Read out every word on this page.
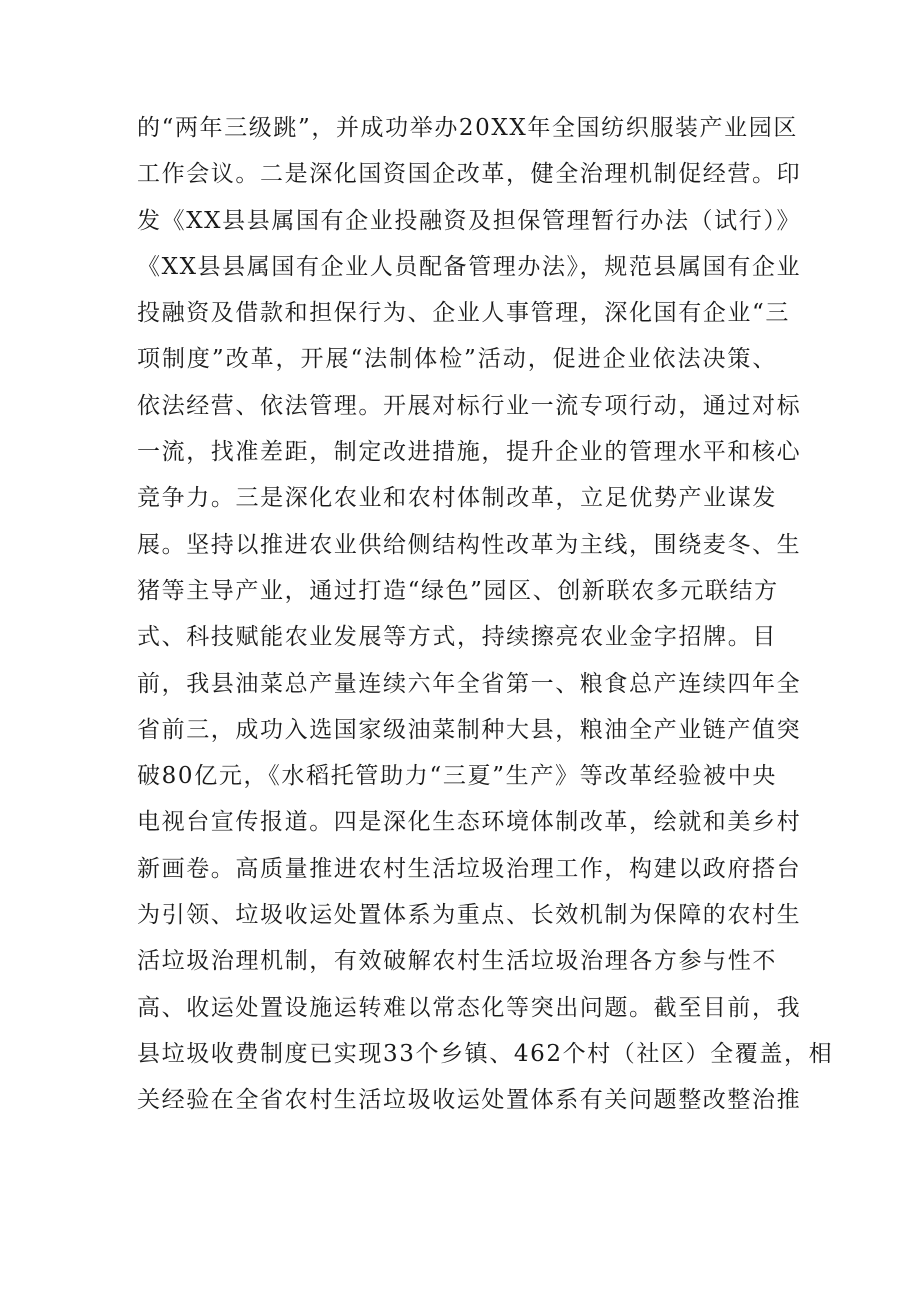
的“两年三级跳”，并成功举办20XX年全国纺织服装产业园区
工作会议。二是深化国资国企改革，健全治理机制促经营。印
发《XX县县属国有企业投融资及担保管理暂行办法（试行）》
《XX县县属国有企业人员配备管理办法》，规范县属国有企业
投融资及借款和担保行为、企业人事管理，深化国有企业“三
项制度”改革，开展“法制体检”活动，促进企业依法决策、
依法经营、依法管理。开展对标行业一流专项行动，通过对标
一流，找准差距，制定改进措施，提升企业的管理水平和核心
竞争力。三是深化农业和农村体制改革，立足优势产业谋发
展。坚持以推进农业供给侧结构性改革为主线，围绕麦冬、生
猪等主导产业，通过打造“绿色”园区、创新联农多元联结方
式、科技赋能农业发展等方式，持续擦亮农业金字招牌。目
前，我县油菜总产量连续六年全省第一、粮食总产连续四年全
省前三，成功入选国家级油菜制种大县，粮油全产业链产值突
破80亿元，《水稻托管助力“三夏”生产》等改革经验被中央
电视台宣传报道。四是深化生态环境体制改革，绘就和美乡村
新画卷。高质量推进农村生活垃圾治理工作，构建以政府搭台
为引领、垃圾收运处置体系为重点、长效机制为保障的农村生
活垃圾治理机制，有效破解农村生活垃圾治理各方参与性不
高、收运处置设施运转难以常态化等突出问题。截至目前，我
县垃圾收费制度已实现33个乡镇、462个村（社区）全覆盖，相
关经验在全省农村生活垃圾收运处置体系有关问题整改整治推
